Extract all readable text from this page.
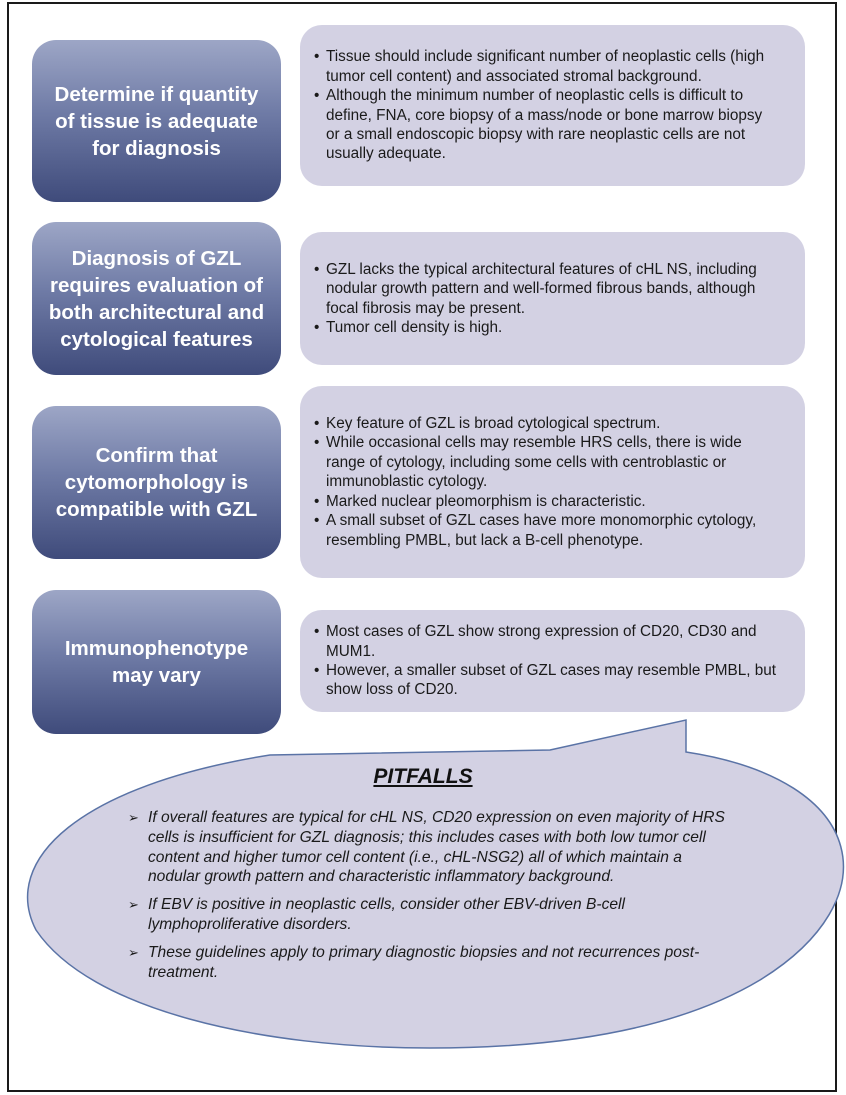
Determine if quantity of tissue is adequate for diagnosis
• Tissue should include significant number of neoplastic cells (high tumor cell content) and associated stromal background.
• Although the minimum number of neoplastic cells is difficult to define, FNA, core biopsy of a mass/node or bone marrow biopsy or a small endoscopic biopsy with rare neoplastic cells are not usually adequate.
Diagnosis of GZL requires evaluation of both architectural and cytological features
• GZL lacks the typical architectural features of cHL NS, including nodular growth pattern and well-formed fibrous bands, although focal fibrosis may be present.
• Tumor cell density is high.
Confirm that cytomorphology is compatible with GZL
• Key feature of GZL is broad cytological spectrum.
• While occasional cells may resemble HRS cells, there is wide range of cytology, including some cells with centroblastic or immunoblastic cytology.
• Marked nuclear pleomorphism is characteristic.
• A small subset of GZL cases have more monomorphic cytology, resembling PMBL, but lack a B-cell phenotype.
Immunophenotype may vary
• Most cases of GZL show strong expression of CD20, CD30 and MUM1.
• However, a smaller subset of GZL cases may resemble PMBL, but show loss of CD20.
PITFALLS
➢ If overall features are typical for cHL NS, CD20 expression on even majority of HRS cells is insufficient for GZL diagnosis; this includes cases with both low tumor cell content and higher tumor cell content (i.e., cHL-NSG2) all of which maintain a nodular growth pattern and characteristic inflammatory background.
➢ If EBV is positive in neoplastic cells, consider other EBV-driven B-cell lymphoproliferative disorders.
➢ These guidelines apply to primary diagnostic biopsies and not recurrences post-treatment.
